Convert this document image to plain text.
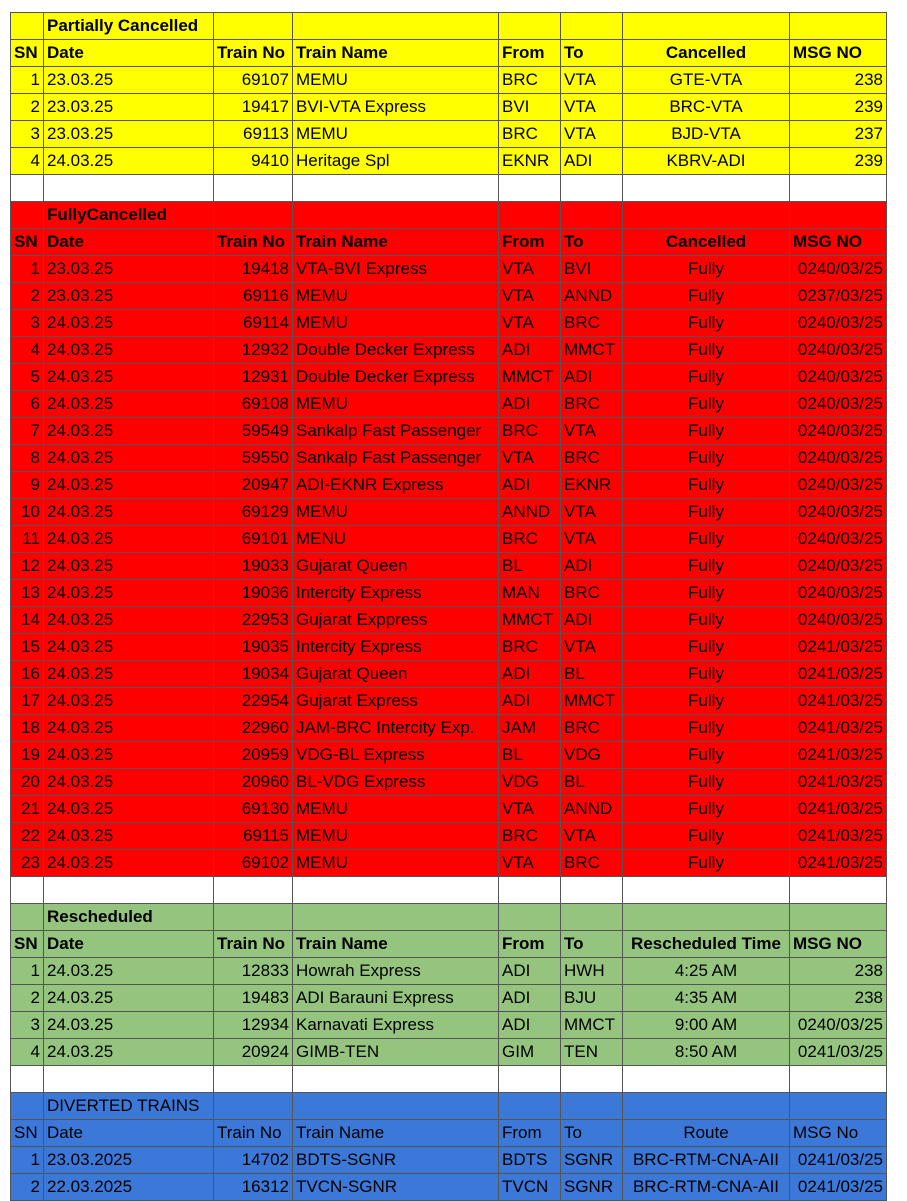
	Partially Cancelled						
SN	Date	Train No	Train Name	From	To	Cancelled	MSG NO
1	23.03.25	69107	MEMU	BRC	VTA	GTE-VTA	238
2	23.03.25	19417	BVI-VTA Express	BVI	VTA	BRC-VTA	239
3	23.03.25	69113	MEMU	BRC	VTA	BJD-VTA	237
4	24.03.25	9410	Heritage Spl	EKNR	ADI	KBRV-ADI	239

	FullyCancelled						
SN	Date	Train No	Train Name	From	To	Cancelled	MSG NO
1	23.03.25	19418	VTA-BVI Express	VTA	BVI	Fully	0240/03/25
2	23.03.25	69116	MEMU	VTA	ANND	Fully	0237/03/25
3	24.03.25	69114	MEMU	VTA	BRC	Fully	0240/03/25
4	24.03.25	12932	Double Decker Express	ADI	MMCT	Fully	0240/03/25
5	24.03.25	12931	Double Decker Express	MMCT	ADI	Fully	0240/03/25
6	24.03.25	69108	MEMU	ADI	BRC	Fully	0240/03/25
7	24.03.25	59549	Sankalp Fast Passenger	BRC	VTA	Fully	0240/03/25
8	24.03.25	59550	Sankalp Fast Passenger	VTA	BRC	Fully	0240/03/25
9	24.03.25	20947	ADI-EKNR Express	ADI	EKNR	Fully	0240/03/25
10	24.03.25	69129	MEMU	ANND	VTA	Fully	0240/03/25
11	24.03.25	69101	MENU	BRC	VTA	Fully	0240/03/25
12	24.03.25	19033	Gujarat Queen	BL	ADI	Fully	0240/03/25
13	24.03.25	19036	Intercity Express	MAN	BRC	Fully	0240/03/25
14	24.03.25	22953	Gujarat Exppress	MMCT	ADI	Fully	0240/03/25
15	24.03.25	19035	Intercity Express	BRC	VTA	Fully	0241/03/25
16	24.03.25	19034	Gujarat Queen	ADI	BL	Fully	0241/03/25
17	24.03.25	22954	Gujarat Express	ADI	MMCT	Fully	0241/03/25
18	24.03.25	22960	JAM-BRC Intercity Exp.	JAM	BRC	Fully	0241/03/25
19	24.03.25	20959	VDG-BL Express	BL	VDG	Fully	0241/03/25
20	24.03.25	20960	BL-VDG Express	VDG	BL	Fully	0241/03/25
21	24.03.25	69130	MEMU	VTA	ANND	Fully	0241/03/25
22	24.03.25	69115	MEMU	BRC	VTA	Fully	0241/03/25
23	24.03.25	69102	MEMU	VTA	BRC	Fully	0241/03/25

	Rescheduled						
SN	Date	Train No	Train Name	From	To	Rescheduled Time	MSG NO
1	24.03.25	12833	Howrah Express	ADI	HWH	4:25 AM	238
2	24.03.25	19483	ADI Barauni Express	ADI	BJU	4:35 AM	238
3	24.03.25	12934	Karnavati Express	ADI	MMCT	9:00 AM	0240/03/25
4	24.03.25	20924	GIMB-TEN	GIM	TEN	8:50 AM	0241/03/25

	DIVERTED TRAINS						
SN	Date	Train No	Train Name	From	To	Route	MSG No
1	23.03.2025	14702	BDTS-SGNR	BDTS	SGNR	BRC-RTM-CNA-AII	0241/03/25
2	22.03.2025	16312	TVCN-SGNR	TVCN	SGNR	BRC-RTM-CNA-AII	0241/03/25
